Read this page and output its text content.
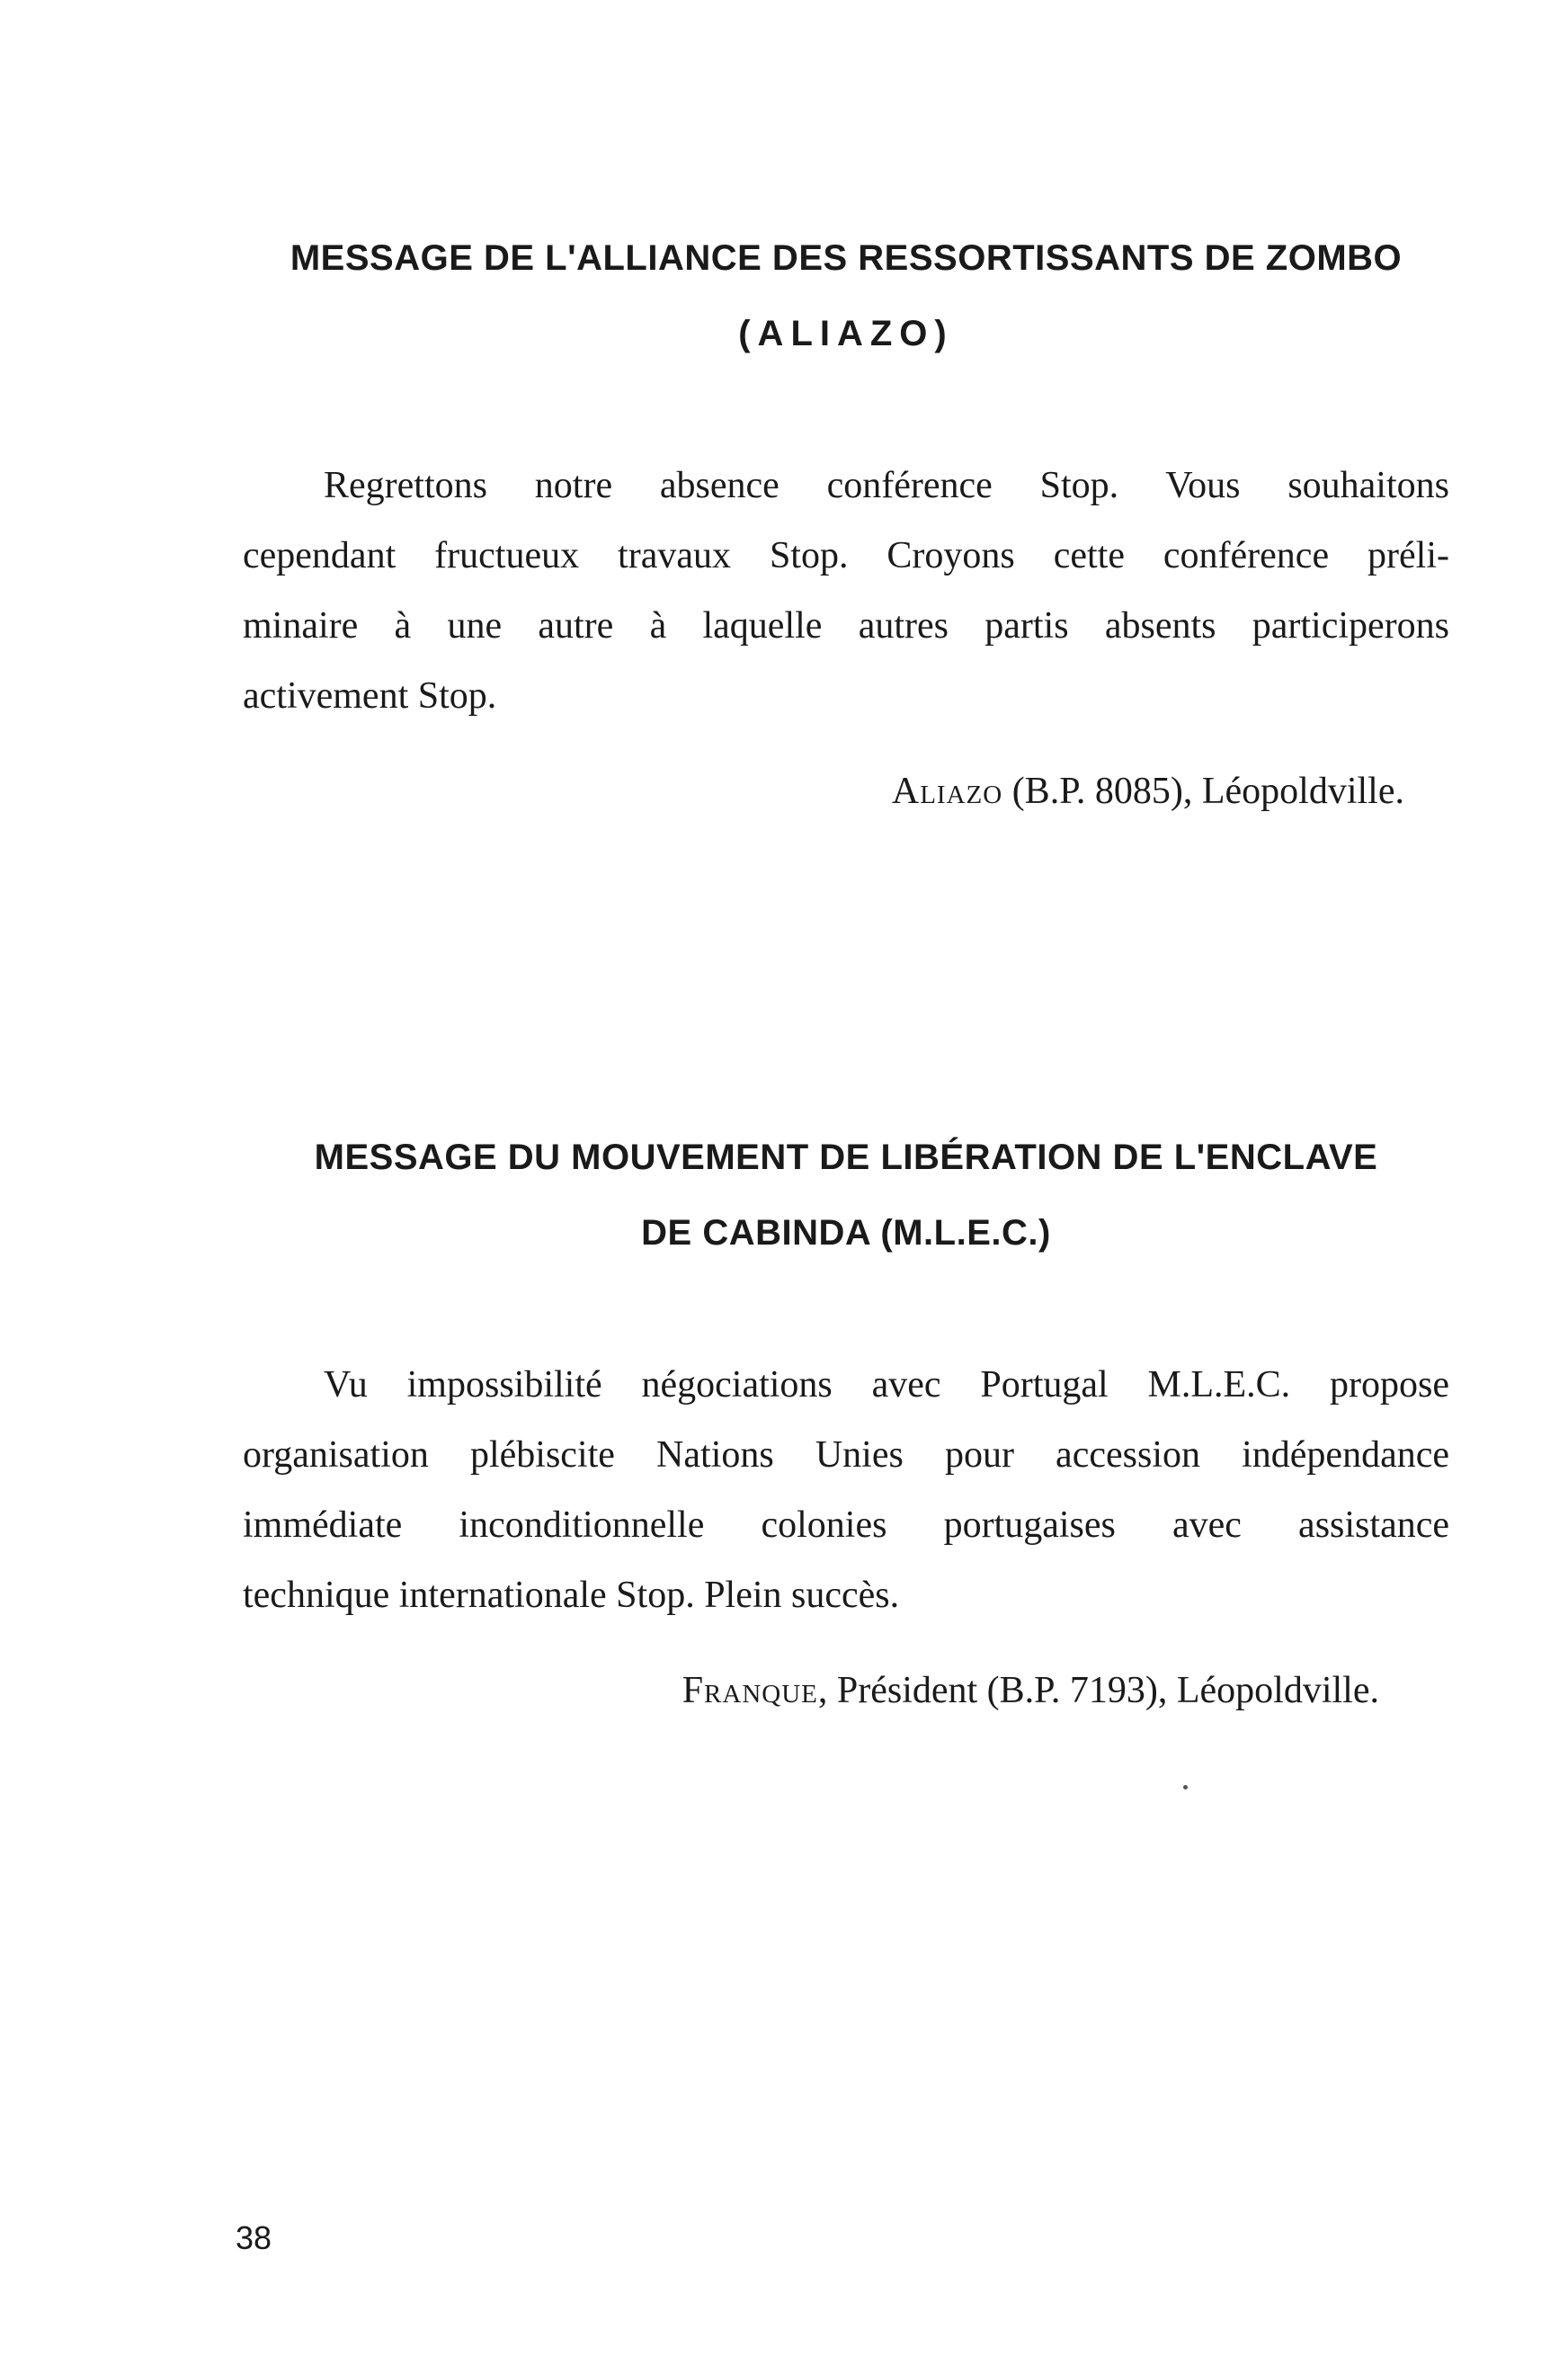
MESSAGE DE L'ALLIANCE DES RESSORTISSANTS DE ZOMBO
(ALIAZO)

Regrettons notre absence conférence Stop. Vous souhaitons
cependant fructueux travaux Stop. Croyons cette conférence préli-
minaire à une autre à laquelle autres partis absents participerons
activement Stop.

Aliazo (B.P. 8085), Léopoldville.
MESSAGE DU MOUVEMENT DE LIBÉRATION DE L'ENCLAVE
DE CABINDA (M.L.E.C.)

Vu impossibilité négociations avec Portugal M.L.E.C. propose
organisation plébiscite Nations Unies pour accession indépendance
immédiate inconditionnelle colonies portugaises avec assistance
technique internationale Stop. Plein succès.

Franque, Président (B.P. 7193), Léopoldville.
38
